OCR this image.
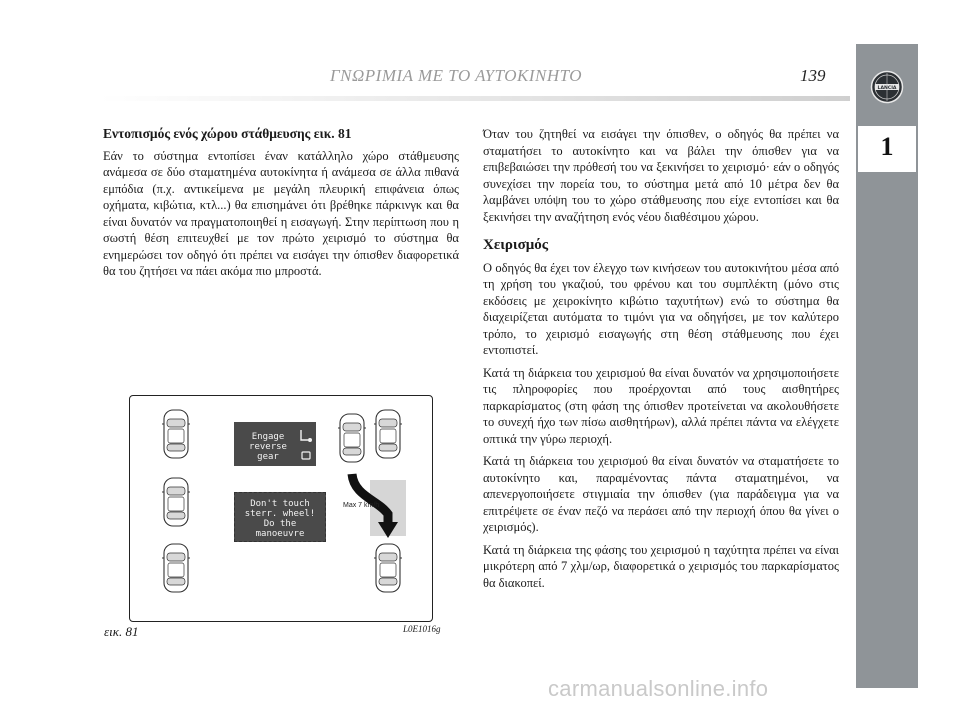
ΓΝΩΡΙΜΙΑ ΜΕ ΤΟ ΑΥΤΟΚΙΝΗΤΟ	139
LANCIA
1
Εντοπισμός ενός χώρου στάθμευσης εικ. 81

Εάν το σύστημα εντοπίσει έναν κατάλληλο χώρο στάθμευσης ανάμεσα σε δύο σταματημένα αυτοκίνητα ή ανάμεσα σε άλλα πιθανά εμπόδια (π.χ. αντικείμενα με μεγάλη πλευρική επιφάνεια όπως οχήματα, κιβώτια, κτλ...) θα επισημάνει ότι βρέθηκε πάρκινγκ και θα είναι δυνατόν να πραγματοποιηθεί η εισαγωγή. Στην περίπτωση που η σωστή θέση επιτευχθεί με τον πρώτο χειρισμό το σύστημα θα ενημερώσει τον οδηγό ότι πρέπει να εισάγει την όπισθεν διαφορετικά θα του ζητήσει να πάει ακόμα πιο μπροστά.

Όταν του ζητηθεί να εισάγει την όπισθεν, ο οδηγός θα πρέπει να σταματήσει το αυτοκίνητο και να βάλει την όπισθεν για να επιβεβαιώσει την πρόθεσή του να ξεκινήσει το χειρισμό· εάν ο οδηγός συνεχίσει την πορεία του, το σύστημα μετά από 10 μέτρα δεν θα λαμβάνει υπόψη του το χώρο στάθμευσης που είχε εντοπίσει και θα ξεκινήσει την αναζήτηση ενός νέου διαθέσιμου χώρου.

Χειρισμός

Ο οδηγός θα έχει τον έλεγχο των κινήσεων του αυτοκινήτου μέσα από τη χρήση του γκαζιού, του φρένου και του συμπλέκτη (μόνο στις εκδόσεις με χειροκίνητο κιβώτιο ταχυτήτων) ενώ το σύστημα θα διαχειρίζεται αυτόματα το τιμόνι για να οδηγήσει, με τον καλύτερο τρόπο, το χειρισμό εισαγωγής στη θέση στάθμευσης που έχει εντοπιστεί.

Κατά τη διάρκεια του χειρισμού θα είναι δυνατόν να χρησιμοποιήσετε τις πληροφορίες που προέρχονται από τους αισθητήρες παρκαρίσματος (στη φάση της όπισθεν προτείνεται να ακολουθήσετε το συνεχή ήχο των πίσω αισθητήρων), αλλά πρέπει πάντα να ελέγχετε οπτικά την γύρω περιοχή.

Κατά τη διάρκεια του χειρισμού θα είναι δυνατόν να σταματήσετε το αυτοκίνητο και, παραμένοντας πάντα σταματημένοι, να απενεργοποιήσετε στιγμιαία την όπισθεν (για παράδειγμα για να επιτρέψετε σε έναν πεζό να περάσει από την περιοχή όπου θα γίνει ο χειρισμός).

Κατά τη διάρκεια της φάσης του χειρισμού η ταχύτητα πρέπει να είναι μικρότερη από 7 χλμ/ωρ, διαφορετικά ο χειρισμός του παρκαρίσματος θα διακοπεί.

Engage
reverse
gear
Don't touch
sterr. wheel!
Do the
manoeuvre
Max 7 km/h
εικ. 81	L0E1016g
carmanualsonline.info
